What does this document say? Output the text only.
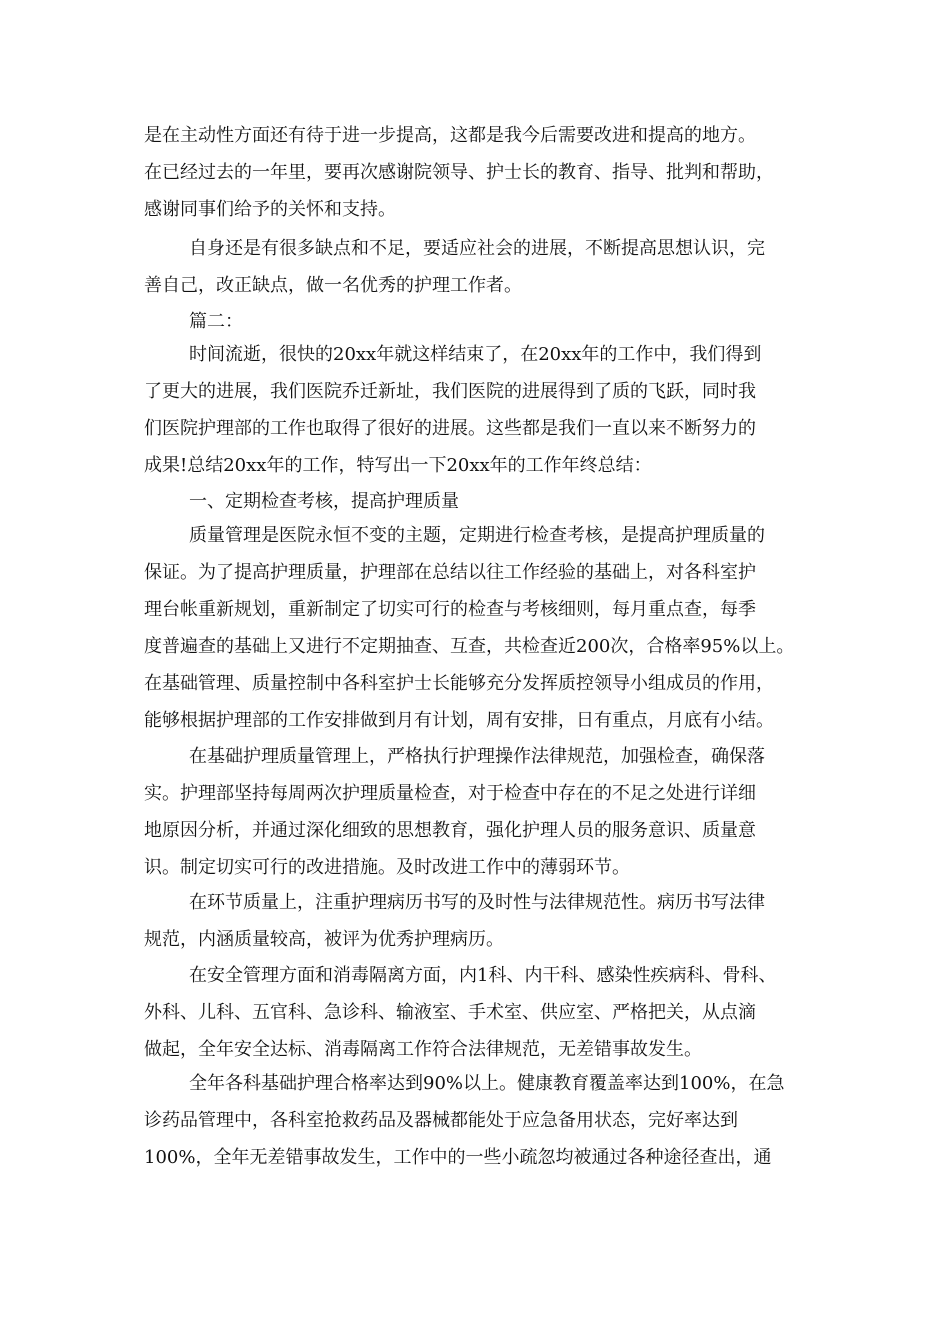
是在主动性方面还有待于进一步提高，这都是我今后需要改进和提高的地方。
在已经过去的一年里，要再次感谢院领导、护士长的教育、指导、批判和帮助，
感谢同事们给予的关怀和支持。
自身还是有很多缺点和不足，要适应社会的进展，不断提高思想认识，完
善自己，改正缺点，做一名优秀的护理工作者。
篇二：
时间流逝，很快的20xx年就这样结束了，在20xx年的工作中，我们得到
了更大的进展，我们医院乔迁新址，我们医院的进展得到了质的飞跃，同时我
们医院护理部的工作也取得了很好的进展。这些都是我们一直以来不断努力的
成果!总结20xx年的工作，特写出一下20xx年的工作年终总结：
一、定期检查考核，提高护理质量
质量管理是医院永恒不变的主题，定期进行检查考核，是提高护理质量的
保证。为了提高护理质量，护理部在总结以往工作经验的基础上，对各科室护
理台帐重新规划，重新制定了切实可行的检查与考核细则，每月重点查，每季
度普遍查的基础上又进行不定期抽查、互查，共检查近200次，合格率95%以上。
在基础管理、质量控制中各科室护士长能够充分发挥质控领导小组成员的作用，
能够根据护理部的工作安排做到月有计划，周有安排，日有重点，月底有小结。
在基础护理质量管理上，严格执行护理操作法律规范，加强检查，确保落
实。护理部坚持每周两次护理质量检查，对于检查中存在的不足之处进行详细
地原因分析，并通过深化细致的思想教育，强化护理人员的服务意识、质量意
识。制定切实可行的改进措施。及时改进工作中的薄弱环节。
在环节质量上，注重护理病历书写的及时性与法律规范性。病历书写法律
规范，内涵质量较高，被评为优秀护理病历。
在安全管理方面和消毒隔离方面，内1科、内干科、感染性疾病科、骨科、
外科、儿科、五官科、急诊科、输液室、手术室、供应室、严格把关，从点滴
做起，全年安全达标、消毒隔离工作符合法律规范，无差错事故发生。
全年各科基础护理合格率达到90%以上。健康教育覆盖率达到100%，在急
诊药品管理中，各科室抢救药品及器械都能处于应急备用状态，完好率达到
100%，全年无差错事故发生，工作中的一些小疏忽均被通过各种途径查出，通
